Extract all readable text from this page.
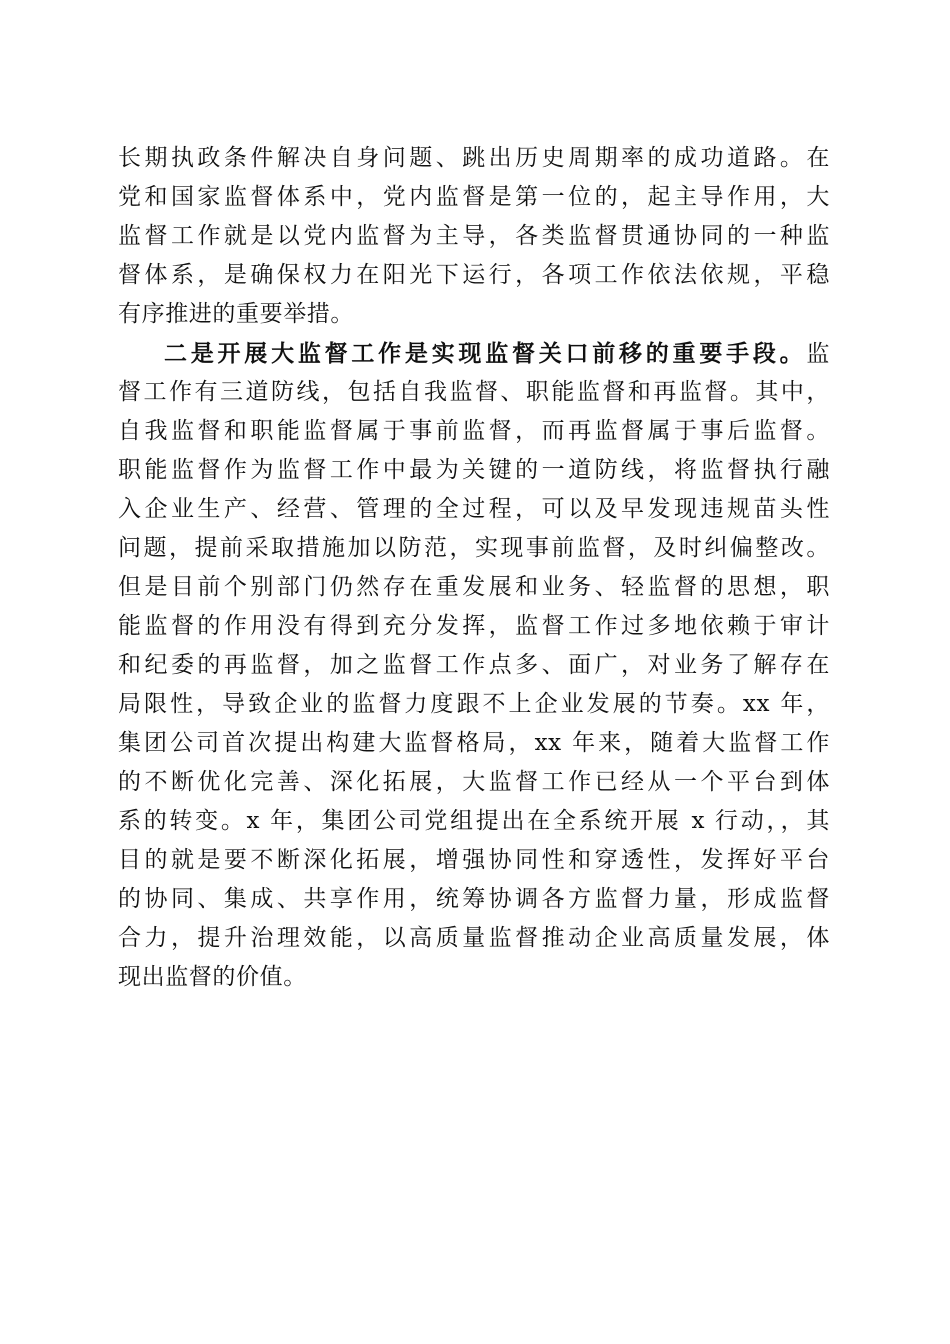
长期执政条件解决自身问题、跳出历史周期率的成功道路。在
党和国家监督体系中，党内监督是第一位的，起主导作用，大
监督工作就是以党内监督为主导，各类监督贯通协同的一种监
督体系，是确保权力在阳光下运行，各项工作依法依规，平稳
有序推进的重要举措。
二是开展大监督工作是实现监督关口前移的重要手段。监
督工作有三道防线，包括自我监督、职能监督和再监督。其中，
自我监督和职能监督属于事前监督，而再监督属于事后监督。
职能监督作为监督工作中最为关键的一道防线，将监督执行融
入企业生产、经营、管理的全过程，可以及早发现违规苗头性
问题，提前采取措施加以防范，实现事前监督，及时纠偏整改。
但是目前个别部门仍然存在重发展和业务、轻监督的思想，职
能监督的作用没有得到充分发挥，监督工作过多地依赖于审计
和纪委的再监督，加之监督工作点多、面广，对业务了解存在
局限性，导致企业的监督力度跟不上企业发展的节奏。xx 年，
集团公司首次提出构建大监督格局，xx 年来，随着大监督工作
的不断优化完善、深化拓展，大监督工作已经从一个平台到体
系的转变。x 年，集团公司党组提出在全系统开展 x 行动，，其
目的就是要不断深化拓展，增强协同性和穿透性，发挥好平台
的协同、集成、共享作用，统筹协调各方监督力量，形成监督
合力，提升治理效能，以高质量监督推动企业高质量发展，体
现出监督的价值。
